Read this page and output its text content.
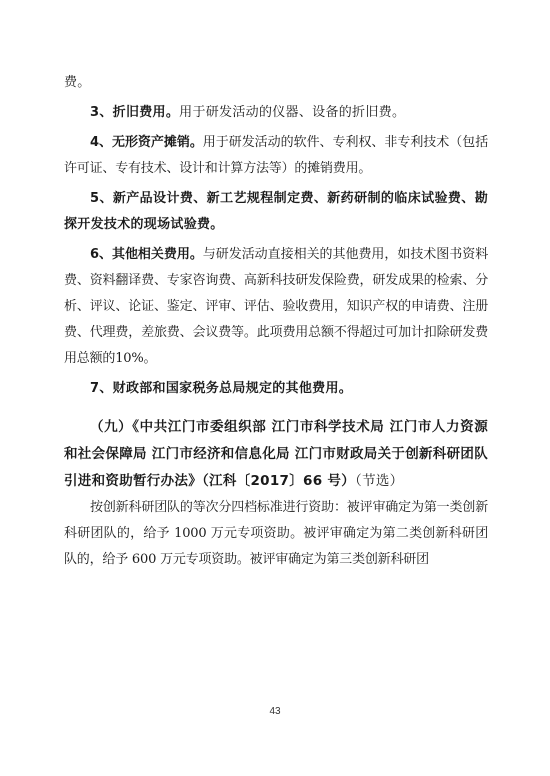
费。

3、折旧费用。用于研发活动的仪器、设备的折旧费。

4、无形资产摊销。用于研发活动的软件、专利权、非专利技术（包括许可证、专有技术、设计和计算方法等）的摊销费用。

5、新产品设计费、新工艺规程制定费、新药研制的临床试验费、勘探开发技术的现场试验费。

6、其他相关费用。与研发活动直接相关的其他费用，如技术图书资料费、资料翻译费、专家咨询费、高新科技研发保险费，研发成果的检索、分析、评议、论证、鉴定、评审、评估、验收费用，知识产权的申请费、注册费、代理费，差旅费、会议费等。此项费用总额不得超过可加计扣除研发费用总额的10%。

7、财政部和国家税务总局规定的其他费用。

（九）《中共江门市委组织部 江门市科学技术局 江门市人力资源和社会保障局 江门市经济和信息化局 江门市财政局关于创新科研团队引进和资助暂行办法》（江科〔2017〕66 号）（节选）

按创新科研团队的等次分四档标准进行资助：被评审确定为第一类创新科研团队的，给予 1000 万元专项资助。被评审确定为第二类创新科研团队的，给予 600 万元专项资助。被评审确定为第三类创新科研团

43
